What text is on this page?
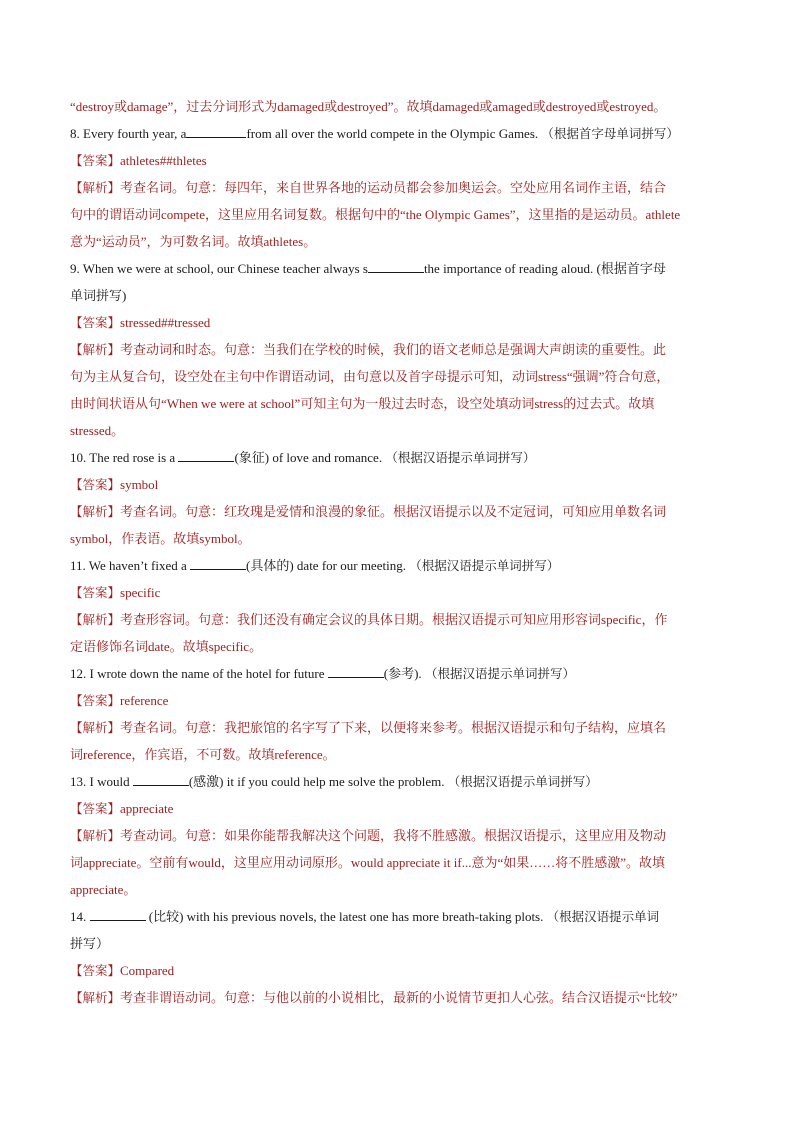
“destroy或damage”，过去分词形式为damaged或destroyed”。故填damaged或amaged或destroyed或estroyed。
8. Every fourth year, a	from all over the world compete in the Olympic Games. （根据首字母单词拼写）
【答案】athletes##thletes
【解析】考查名词。句意：每四年，来自世界各地的运动员都会参加奥运会。空处应用名词作主语，结合
句中的谓语动词compete，这里应用名词复数。根据句中的“the Olympic Games”，这里指的是运动员。athlete
意为“运动员”，为可数名词。故填athletes。
9. When we were at school, our Chinese teacher always s	the importance of reading aloud. (根据首字母
单词拼写)
【答案】stressed##tressed
【解析】考查动词和时态。句意：当我们在学校的时候，我们的语文老师总是强调大声朗读的重要性。此
句为主从复合句，设空处在主句中作谓语动词，由句意以及首字母提示可知，动词stress“强调”符合句意，
由时间状语从句“When we were at school”可知主句为一般过去时态，设空处填动词stress的过去式。故填
stressed。
10. The red rose is a	(象征) of love and romance. （根据汉语提示单词拼写）
【答案】symbol
【解析】考查名词。句意：红玫瑰是爱情和浪漫的象征。根据汉语提示以及不定冠词，可知应用单数名词
symbol，作表语。故填symbol。
11. We haven’t fixed a	(具体的) date for our meeting. （根据汉语提示单词拼写）
【答案】specific
【解析】考查形容词。句意：我们还没有确定会议的具体日期。根据汉语提示可知应用形容词specific，作
定语修饰名词date。故填specific。
12. I wrote down the name of the hotel for future	(参考). （根据汉语提示单词拼写）
【答案】reference
【解析】考查名词。句意：我把旅馆的名字写了下来，以便将来参考。根据汉语提示和句子结构，应填名
词reference，作宾语，不可数。故填reference。
13. I would	(感激) it if you could help me solve the problem. （根据汉语提示单词拼写）
【答案】appreciate
【解析】考查动词。句意：如果你能帮我解决这个问题，我将不胜感激。根据汉语提示，这里应用及物动
词appreciate。空前有would，这里应用动词原形。would appreciate it if...意为“如果……将不胜感激”。故填
appreciate。
14.	(比较) with his previous novels, the latest one has more breath-taking plots. （根据汉语提示单词
拼写）
【答案】Compared
【解析】考查非谓语动词。句意：与他以前的小说相比，最新的小说情节更扣人心弦。结合汉语提示“比较”
